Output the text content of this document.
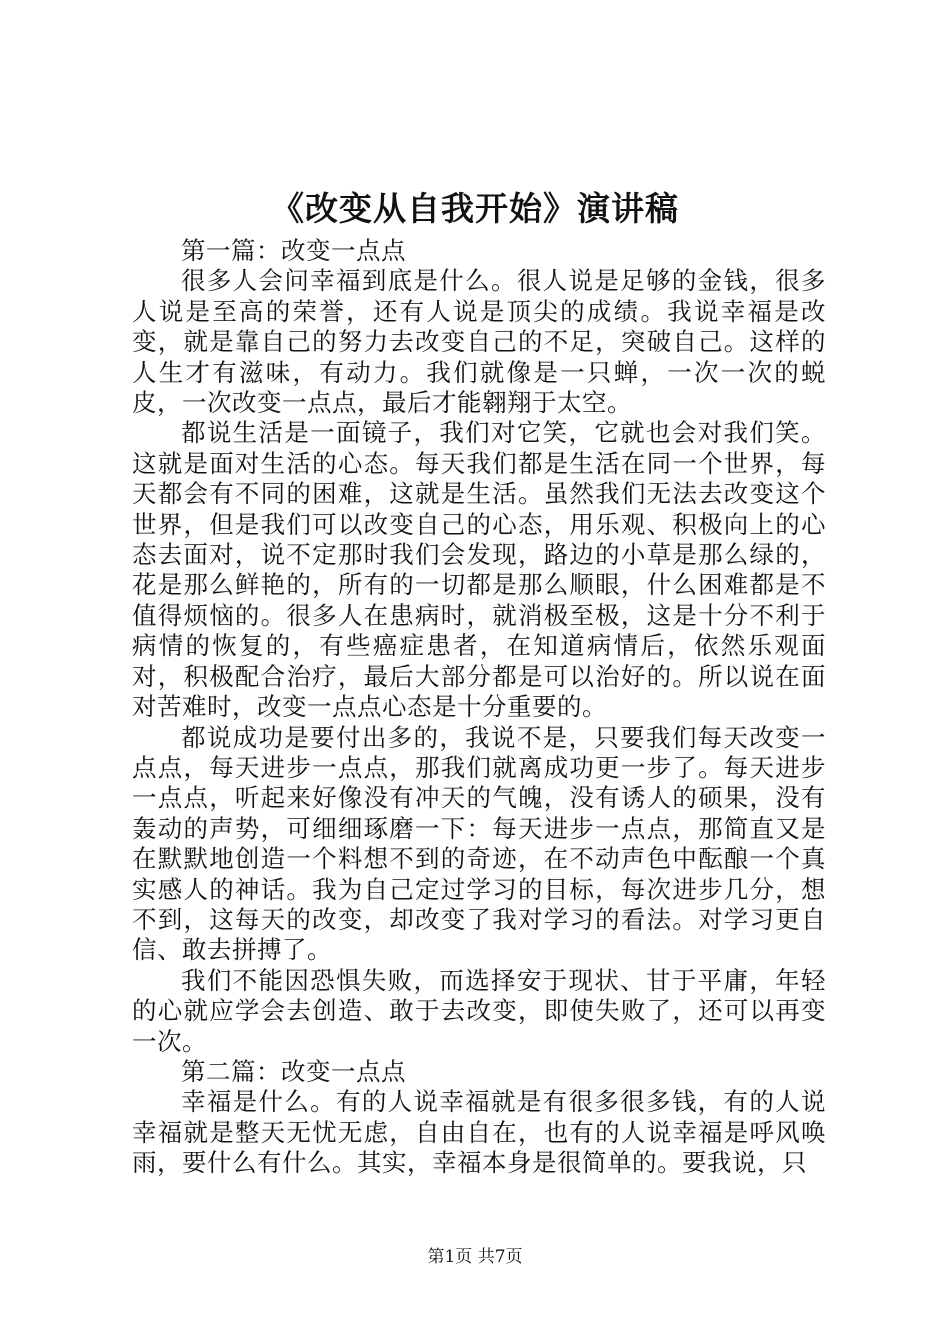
《改变从自我开始》演讲稿

第一篇：改变一点点

很多人会问幸福到底是什么。很人说是足够的金钱，很多人说是至高的荣誉，还有人说是顶尖的成绩。我说幸福是改变，就是靠自己的努力去改变自己的不足，突破自己。这样的人生才有滋味，有动力。我们就像是一只蝉，一次一次的蜕皮，一次改变一点点，最后才能翱翔于太空。

都说生活是一面镜子，我们对它笑，它就也会对我们笑。这就是面对生活的心态。每天我们都是生活在同一个世界，每天都会有不同的困难，这就是生活。虽然我们无法去改变这个世界，但是我们可以改变自己的心态，用乐观、积极向上的心态去面对，说不定那时我们会发现，路边的小草是那么绿的，花是那么鲜艳的，所有的一切都是那么顺眼，什么困难都是不值得烦恼的。很多人在患病时，就消极至极，这是十分不利于病情的恢复的，有些癌症患者，在知道病情后，依然乐观面对，积极配合治疗，最后大部分都是可以治好的。所以说在面对苦难时，改变一点点心态是十分重要的。

都说成功是要付出多的，我说不是，只要我们每天改变一点点，每天进步一点点，那我们就离成功更一步了。每天进步一点点，听起来好像没有冲天的气魄，没有诱人的硕果，没有轰动的声势，可细细琢磨一下：每天进步一点点，那简直又是在默默地创造一个料想不到的奇迹，在不动声色中酝酿一个真实感人的神话。我为自己定过学习的目标，每次进步几分，想不到，这每天的改变，却改变了我对学习的看法。对学习更自信、敢去拼搏了。

我们不能因恐惧失败，而选择安于现状、甘于平庸，年轻的心就应学会去创造、敢于去改变，即使失败了，还可以再变一次。

第二篇：改变一点点

幸福是什么。有的人说幸福就是有很多很多钱，有的人说幸福就是整天无忧无虑，自由自在，也有的人说幸福是呼风唤雨，要什么有什么。其实，幸福本身是很简单的。要我说，只

第1页 共7页
